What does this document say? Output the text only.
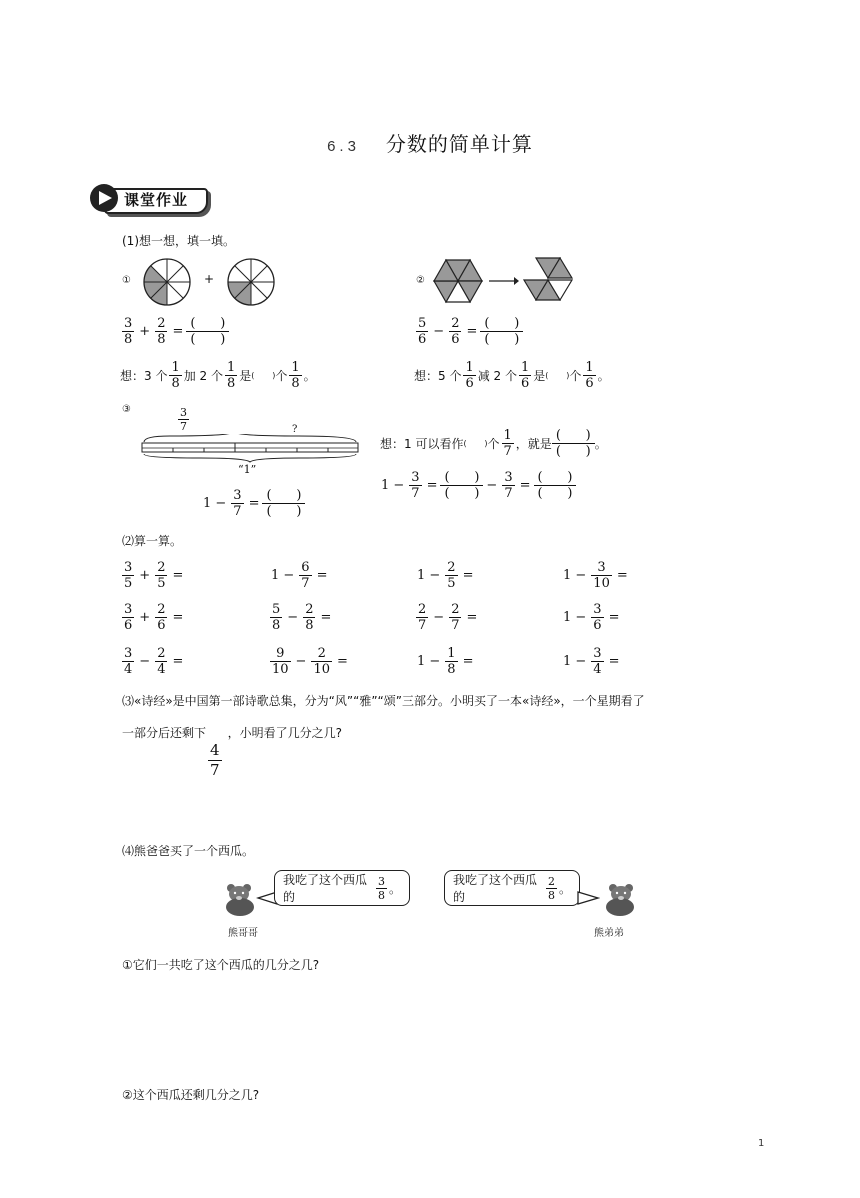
6.3 分数的简单计算
课堂作业
(1)想一想，填一填。
①	+	②
$\frac{3}{8} + \frac{2}{8}$ =
(      )
(      )	$\frac{5}{6} - \frac{2}{6}$ =
(      )
(      )
想：3 个 $\frac{1}{8}$ 加 2 个 $\frac{1}{8}$ 是 (       ) 个 $\frac{1}{8}$ 。	想：5 个 $\frac{1}{6}$ 减 2 个 $\frac{1}{6}$ 是 (       ) 个 $\frac{1}{6}$ 。
③	$\frac{3}{7}$	?
“1”
$1 - \frac{3}{7}$ =
(      )
(      )
想：1 可以看作 (       ) 个 $\frac{1}{7}$ ，就是
(      )
(      ) 。
$1 - \frac{3}{7}$ =
(      )
(      )
− $\frac{3}{7}$ =
(      )
(      )
⑵算一算。
$\frac{3}{5} + \frac{2}{5}$ =	$1 - \frac{6}{7}$ =	$1 - \frac{2}{5}$ =	$1 - \frac{3}{10}$ =
$\frac{3}{6} + \frac{2}{6}$ =	$\frac{5}{8} - \frac{2}{8}$ =	$\frac{2}{7} - \frac{2}{7}$ =	$1 - \frac{3}{6}$ =
$\frac{3}{4} - \frac{2}{4}$ =	$\frac{9}{10} - \frac{2}{10}$ =	$1 - \frac{1}{8}$ =	$1 - \frac{3}{4}$ =
⑶«诗经»是中国第一部诗歌总集，分为“风”“雅”“颂”三部分。小明买了一本«诗经»，一个星期看了
一部分后还剩下
$\frac{4}{7}$
，小明看了几分之几?
⑷熊爸爸买了一个西瓜。
熊哥哥
我吃了这个西瓜的	$\frac{3}{8}$ 。
我吃了这个西瓜的	$\frac{2}{8}$ 。
熊弟弟
①它们一共吃了这个西瓜的几分之几?
②这个西瓜还剩几分之几?
1
